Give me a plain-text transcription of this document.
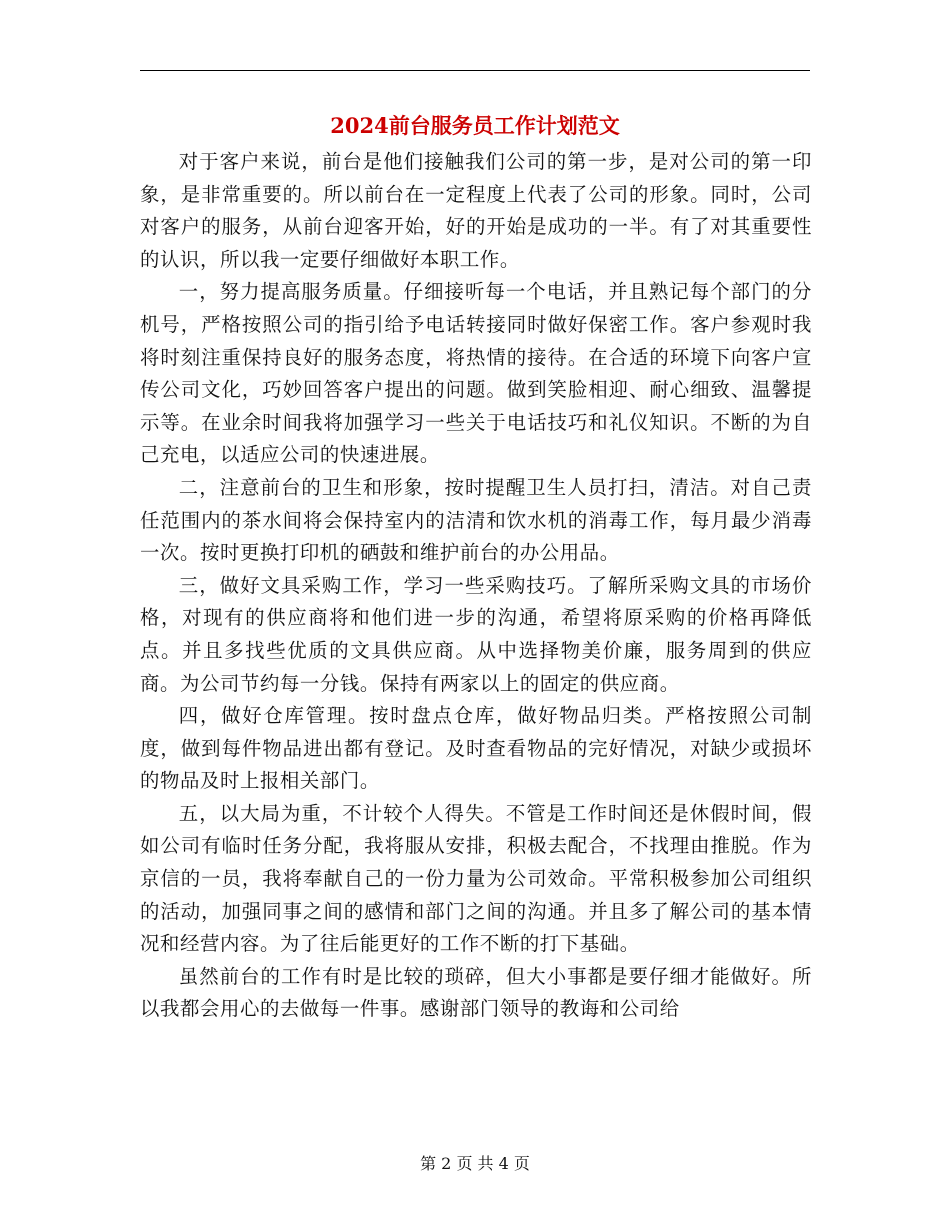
2024前台服务员工作计划范文

对于客户来说，前台是他们接触我们公司的第一步，是对公司的第一印象，是非常重要的。所以前台在一定程度上代表了公司的形象。同时，公司对客户的服务，从前台迎客开始，好的开始是成功的一半。有了对其重要性的认识，所以我一定要仔细做好本职工作。

一，努力提高服务质量。仔细接听每一个电话，并且熟记每个部门的分机号，严格按照公司的指引给予电话转接同时做好保密工作。客户参观时我将时刻注重保持良好的服务态度，将热情的接待。在合适的环境下向客户宣传公司文化，巧妙回答客户提出的问题。做到笑脸相迎、耐心细致、温馨提示等。在业余时间我将加强学习一些关于电话技巧和礼仪知识。不断的为自己充电，以适应公司的快速进展。

二，注意前台的卫生和形象，按时提醒卫生人员打扫，清洁。对自己责任范围内的茶水间将会保持室内的洁清和饮水机的消毒工作，每月最少消毒一次。按时更换打印机的硒鼓和维护前台的办公用品。

三，做好文具采购工作，学习一些采购技巧。了解所采购文具的市场价格，对现有的供应商将和他们进一步的沟通，希望将原采购的价格再降低点。并且多找些优质的文具供应商。从中选择物美价廉，服务周到的供应商。为公司节约每一分钱。保持有两家以上的固定的供应商。

四，做好仓库管理。按时盘点仓库，做好物品归类。严格按照公司制度，做到每件物品进出都有登记。及时查看物品的完好情况，对缺少或损坏的物品及时上报相关部门。

五，以大局为重，不计较个人得失。不管是工作时间还是休假时间，假如公司有临时任务分配，我将服从安排，积极去配合，不找理由推脱。作为京信的一员，我将奉献自己的一份力量为公司效命。平常积极参加公司组织的活动，加强同事之间的感情和部门之间的沟通。并且多了解公司的基本情况和经营内容。为了往后能更好的工作不断的打下基础。

虽然前台的工作有时是比较的琐碎，但大小事都是要仔细才能做好。所以我都会用心的去做每一件事。感谢部门领导的教诲和公司给

第 2 页 共 4 页
